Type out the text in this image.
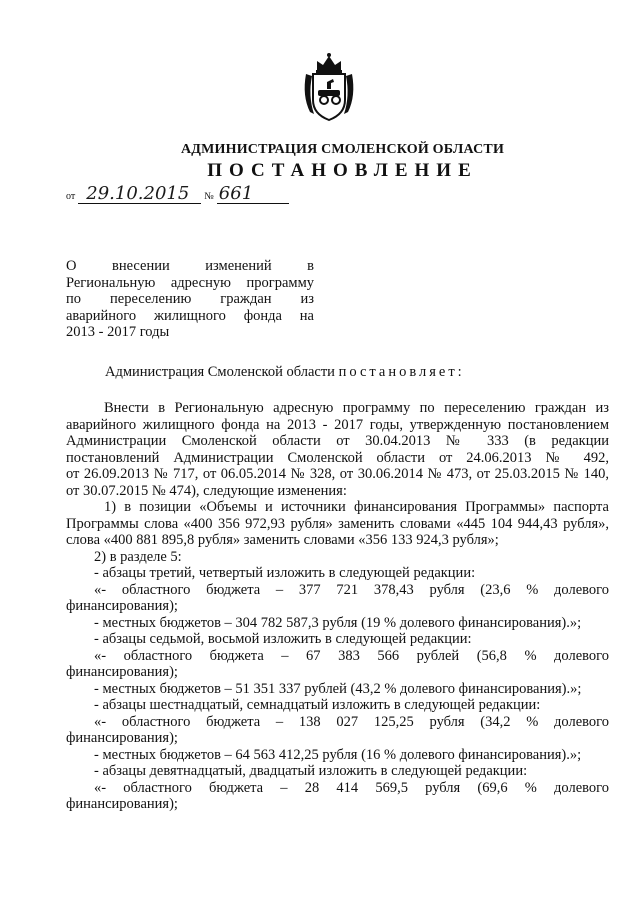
АДМИНИСТРАЦИЯ СМОЛЕНСКОЙ ОБЛАСТИ
ПОСТАНОВЛЕНИЕ
от 29.10.2015 № 661
О внесении изменений в
Региональную адресную программу
по переселению граждан из
аварийного жилищного фонда на
2013 - 2017 годы
Администрация Смоленской области постановляет:
Внести в Региональную адресную программу по переселению граждан из
аварийного жилищного фонда на 2013 - 2017 годы, утвержденную постановлением
Администрации Смоленской области от 30.04.2013 № 333 (в редакции
постановлений Администрации Смоленской области от 24.06.2013 № 492,
от 26.09.2013 № 717, от 06.05.2014 № 328, от 30.06.2014 № 473, от 25.03.2015 № 140,
от 30.07.2015 № 474), следующие изменения:
1) в позиции «Объемы и источники финансирования Программы» паспорта
Программы слова «400 356 972,93 рубля» заменить словами «445 104 944,43 рубля»,
слова «400 881 895,8 рубля» заменить словами «356 133 924,3 рубля»;
2) в разделе 5:
- абзацы третий, четвертый изложить в следующей редакции:
«- областного бюджета – 377 721 378,43 рубля (23,6 % долевого
финансирования);
- местных бюджетов – 304 782 587,3 рубля (19 % долевого финансирования).»;
- абзацы седьмой, восьмой изложить в следующей редакции:
«- областного бюджета – 67 383 566 рублей (56,8 % долевого
финансирования);
- местных бюджетов – 51 351 337 рублей (43,2 % долевого финансирования).»;
- абзацы шестнадцатый, семнадцатый изложить в следующей редакции:
«- областного бюджета – 138 027 125,25 рубля (34,2 % долевого
финансирования);
- местных бюджетов – 64 563 412,25 рубля (16 % долевого финансирования).»;
- абзацы девятнадцатый, двадцатый изложить в следующей редакции:
«- областного бюджета – 28 414 569,5 рубля (69,6 % долевого
финансирования);
